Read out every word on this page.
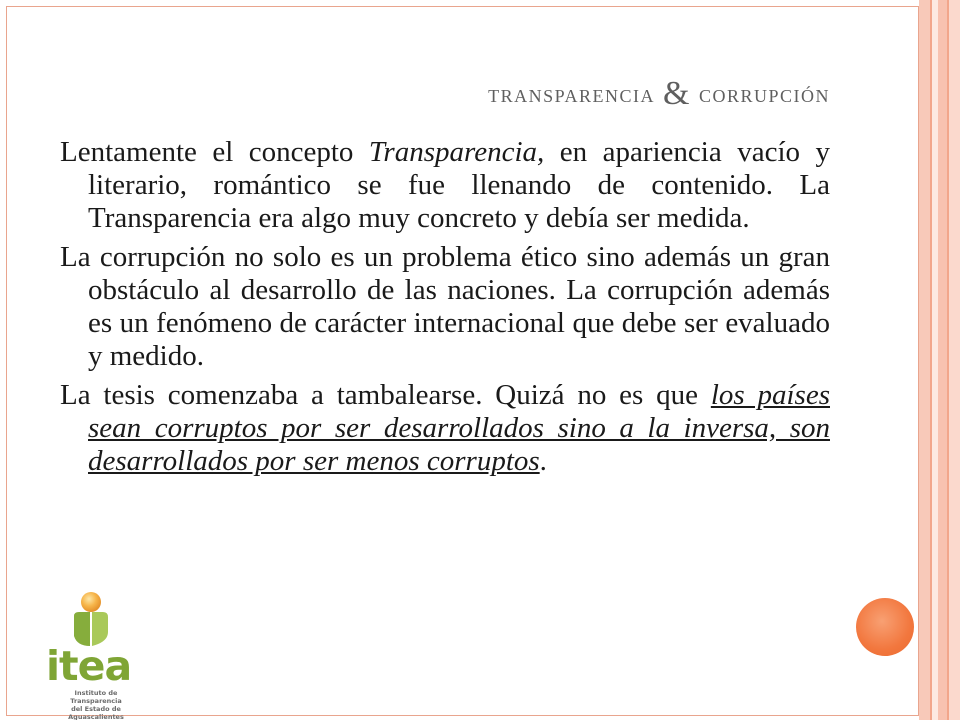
transparencia & corrupción

Lentamente el concepto Transparencia, en apariencia vacío y literario, romántico se fue llenando de contenido. La Transparencia era algo muy concreto y debía ser medida.

La corrupción no solo es un problema ético sino además un gran obstáculo al desarrollo de las naciones. La corrupción además es un fenómeno de carácter internacional que debe ser evaluado y medido.

La tesis comenzaba a tambalearse. Quizá no es que los países sean corruptos por ser desarrollados sino a la inversa, son desarrollados por ser menos corruptos.

itea
Instituto de Transparencia
del Estado de Aguascalientes
